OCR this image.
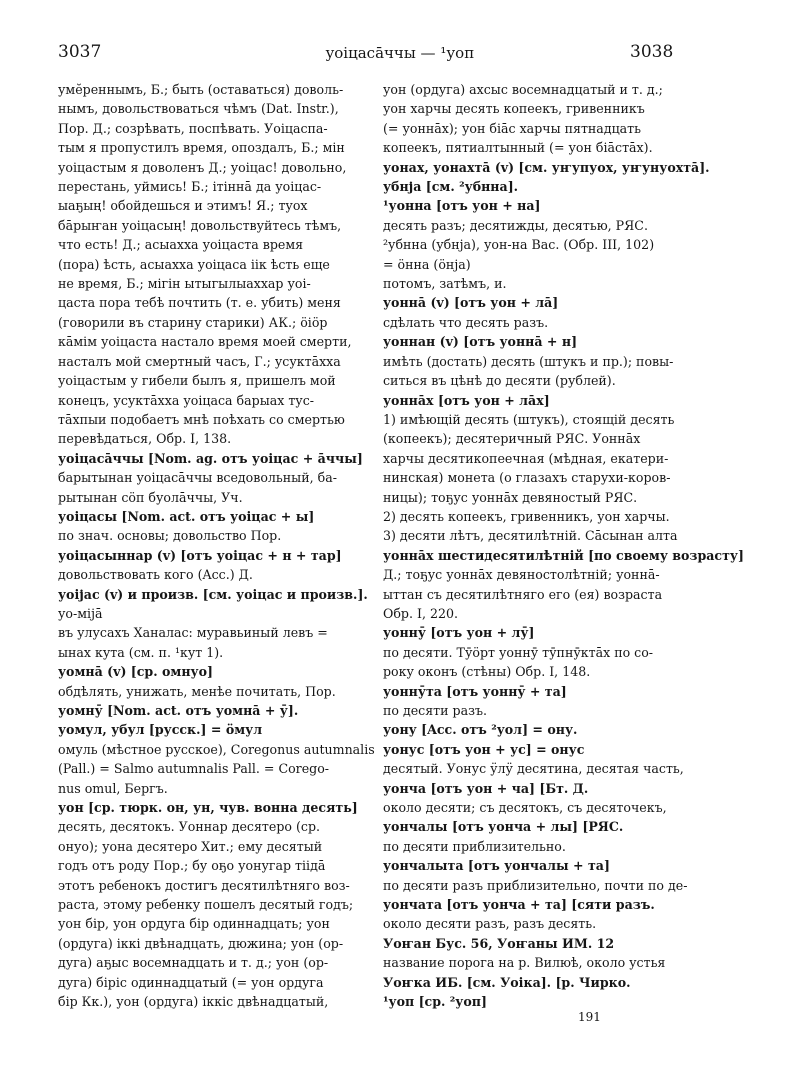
3037	yoiцасāччы — ¹уоп	3038
умӗреннымъ, Б.; быть (оставаться) доволь-
нымъ, довольствоваться чѣмъ (Dat. Instr.),
Пор. Д.; созрѣвать, поспѣвать. Уоiцаспа-
тым я пропустилъ время, опоздалъ, Б.; мiн
уоiцастым я доволенъ Д.; уоiцас! довольно,
перестань, уймись! Б.; iтiннā да уоiцас-
ыаҕың! обойдешься и этимъ! Я.; туох
бāрыҥан уоiцасың! довольствуйтесь тѣмъ,
что есть! Д.; асыахха уоiцаста время
(пора) ѣсть, асыахха уоiцаса iiк ѣсть еще
не время, Б.; мiгiн ытыгылыаххар уоi-
цаста пора тебѣ почтить (т. е. убить) меня
(говорили въ старину старики) АК.; öiöр
кāмiм уоiцаста настало время моей смерти,
насталъ мой смертный часъ, Г.; усуктāхха
уоiцастым у гибели былъ я, пришелъ мой
конецъ, усуктāхха уоiцаса барыах тус-
тāхпыи подобаетъ мнѣ поѣхать со смертью
перевѣдаться, Обр. I, 138.
уоiцасāччы [Nom. ag. отъ уоiцас + āччы]
барытынан уоiцасāччы вседовольный, ба-
рытынан сöп буолāччы, Уч.
уоiцасы [Nom. act. отъ уоiцас + ы]
по знач. основы; довольство Пор.
уоiцасыннар (v) [отъ уоiцас + н + тар]
довольствовать кого (Acc.) Д.
уоiјас (v) и произв. [см. уоiцас и произв.].
уо-мiјā
въ улусахъ Ханалас: муравьиный левъ =
ынах кута (см. п. ¹кут 1).
уомнā (v) [ср. омнуо]
обдѣлять, унижать, менѣе почитать, Пор.
уомнӯ [Nom. act. отъ уомнā + ӯ].
уомул, убул [русск.] = öмул
омуль (мѣстное русское), Coregonus autumnalis
(Pall.) = Salmo autumnalis Pall. = Corego-
nus omul, Бергъ.
уон [ср. тюрк. он, ун, чув. вонна десять]
десять, десятокъ. Уоннар десятеро (ср.
онуо); уона десятеро Хит.; ему десятый
годъ отъ роду Пор.; бу оҕо уонугар тiiдā
этотъ ребенокъ достигъ десятилѣтняго воз-
раста, этому ребенку пошелъ десятый годъ;
уон бiр, уон ордуга бiр одиннадцать; уон
(ордуга) iккi двѣнадцать, дюжина; уон (ор-
дуга) аҕыс восемнадцать и т. д.; уон (ор-
дуга) бiрiс одиннадцатый (= уон ордуга
бiр Кк.), уон (ордуга) iккiс двѣнадцатый,
уон (ордуга) ахсыс восемнадцатый и т. д.;
уон харчы десять копеекъ, гривенникъ
(= уоннāх); уон бiāс харчы пятнадцать
копеекъ, пятиалтынный (= уон бiāстāх).
уонах, уонахтā (v) [см. уҥупуох, уҥунуохтā].
убнја [см. ²убнна].
¹уонна [отъ уон + на]
десять разъ; десятижды, десятью, РЯС.
²убнна (убнја), уон-на Вас. (Обр. III, 102)
= öнна (öнја)
потомъ, затѣмъ, и.
уоннā (v) [отъ уон + лā]
сдѣлать что десять разъ.
уоннан (v) [отъ уоннā + н]
имѣть (достать) десять (штукъ и пр.); повы-
ситься въ цѣнѣ до десяти (рублей).
уоннāх [отъ уон + лāх]
1) имѣющiй десять (штукъ), стоящiй десять
(копеекъ); десятеричный РЯС. Уоннāх
харчы десятикопеечная (мѣдная, екатери-
нинская) монета (о глазахъ старухи-коров-
ницы); тоҕус уоннāх девяностый РЯС.
2) десять копеекъ, гривенникъ, уон харчы.
3) десяти лѣтъ, десятилѣтнiй. Сāсынан алта
уоннāх шестидесятилѣтнiй [по своему возрасту]
Д.; тоҕус уоннāх девяностолѣтнiй; уоннā-
ыттан съ десятилѣтняго его (ея) возраста
Обр. I, 220.
уоннӯ [отъ уон + лӯ]
по десяти. Тӯöрт уоннӯ тӯпнӯктāх по со-
року оконъ (стѣны) Обр. I, 148.
уоннӯта [отъ уоннӯ + та]
по десяти разъ.
уону [Acc. отъ ²уол] = ону.
уонус [отъ уон + ус] = онус
десятый. Уонус ӱлӱ десятина, десятая часть,
уонча [отъ уон + ча] [Бт. Д.
около десяти; съ десятокъ, съ десяточекъ,
уончалы [отъ уонча + лы] [РЯС.
по десяти приблизительно.
уончалыта [отъ уончалы + та]
по десяти разъ приблизительно, почти по де-
уончата [отъ уонча + та] [сяти разъ.
около десяти разъ, разъ десять.
Уоҥан Бус. 56, Уоҥаны ИМ. 12
название порога на р. Вилюѣ, около устья
Уоҥка ИБ. [см. Уоiка]. [р. Чирко.
¹уоп [ср. ²уоп]
191
